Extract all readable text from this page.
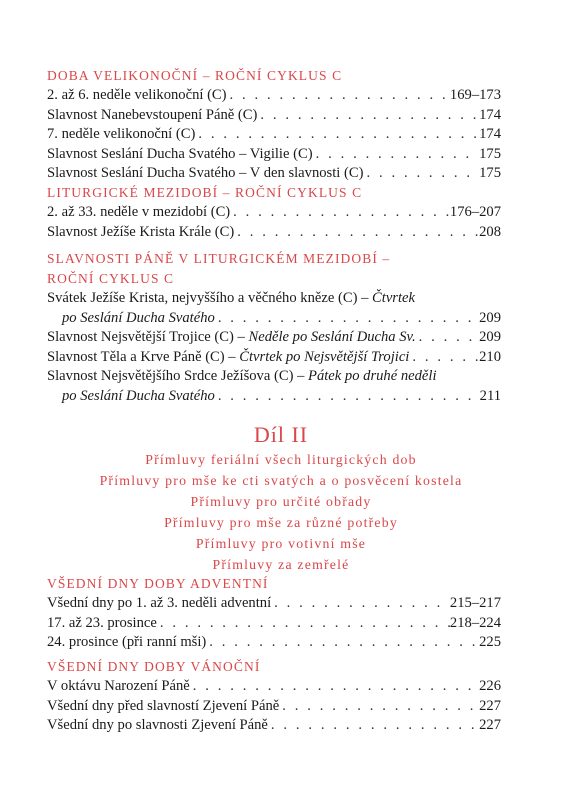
DOBA VELIKONOČNÍ – ROČNÍ CYKLUS C
2. až 6. neděle velikonoční (C) . . .	169–173
Slavnost Nanebevstoupení Páně (C) . . .	174
7. neděle velikonoční (C) . . .	174
Slavnost Seslání Ducha Svatého – Vigilie (C) . . .	175
Slavnost Seslání Ducha Svatého – V den slavnosti (C) . . .	175
LITURGICKÉ MEZIDOBÍ – ROČNÍ CYKLUS C
2. až 33. neděle v mezidobí (C) . . .	176–207
Slavnost Ježíše Krista Krále (C) . . .	208
SLAVNOSTI PÁNĚ V LITURGICKÉM MEZIDOBÍ –
ROČNÍ CYKLUS C
Svátek Ježíše Krista, nejvyššího a věčného kněze (C) – Čtvrtek
po Seslání Ducha Svatého . . .	209
Slavnost Nejsvětější Trojice (C) – Neděle po Seslání Ducha Sv. . . .	209
Slavnost Těla a Krve Páně (C) – Čtvrtek po Nejsvětější Trojici . . .	210
Slavnost Nejsvětějšího Srdce Ježíšova (C) – Pátek po druhé neděli
po Seslání Ducha Svatého . . .	211
Díl II
Přímluvy feriální všech liturgických dob
Přímluvy pro mše ke cti svatých a o posvěcení kostela
Přímluvy pro určité obřady
Přímluvy pro mše za různé potřeby
Přímluvy pro votivní mše
Přímluvy za zemřelé
VŠEDNÍ DNY DOBY ADVENTNÍ
Všední dny po 1. až 3. neděli adventní . . .	215–217
17. až 23. prosince . . .	218–224
24. prosince (při ranní mši) . . .	225
VŠEDNÍ DNY DOBY VÁNOČNÍ
V oktávu Narození Páně . . .	226
Všední dny před slavností Zjevení Páně . . .	227
Všední dny po slavnosti Zjevení Páně . . .	227
